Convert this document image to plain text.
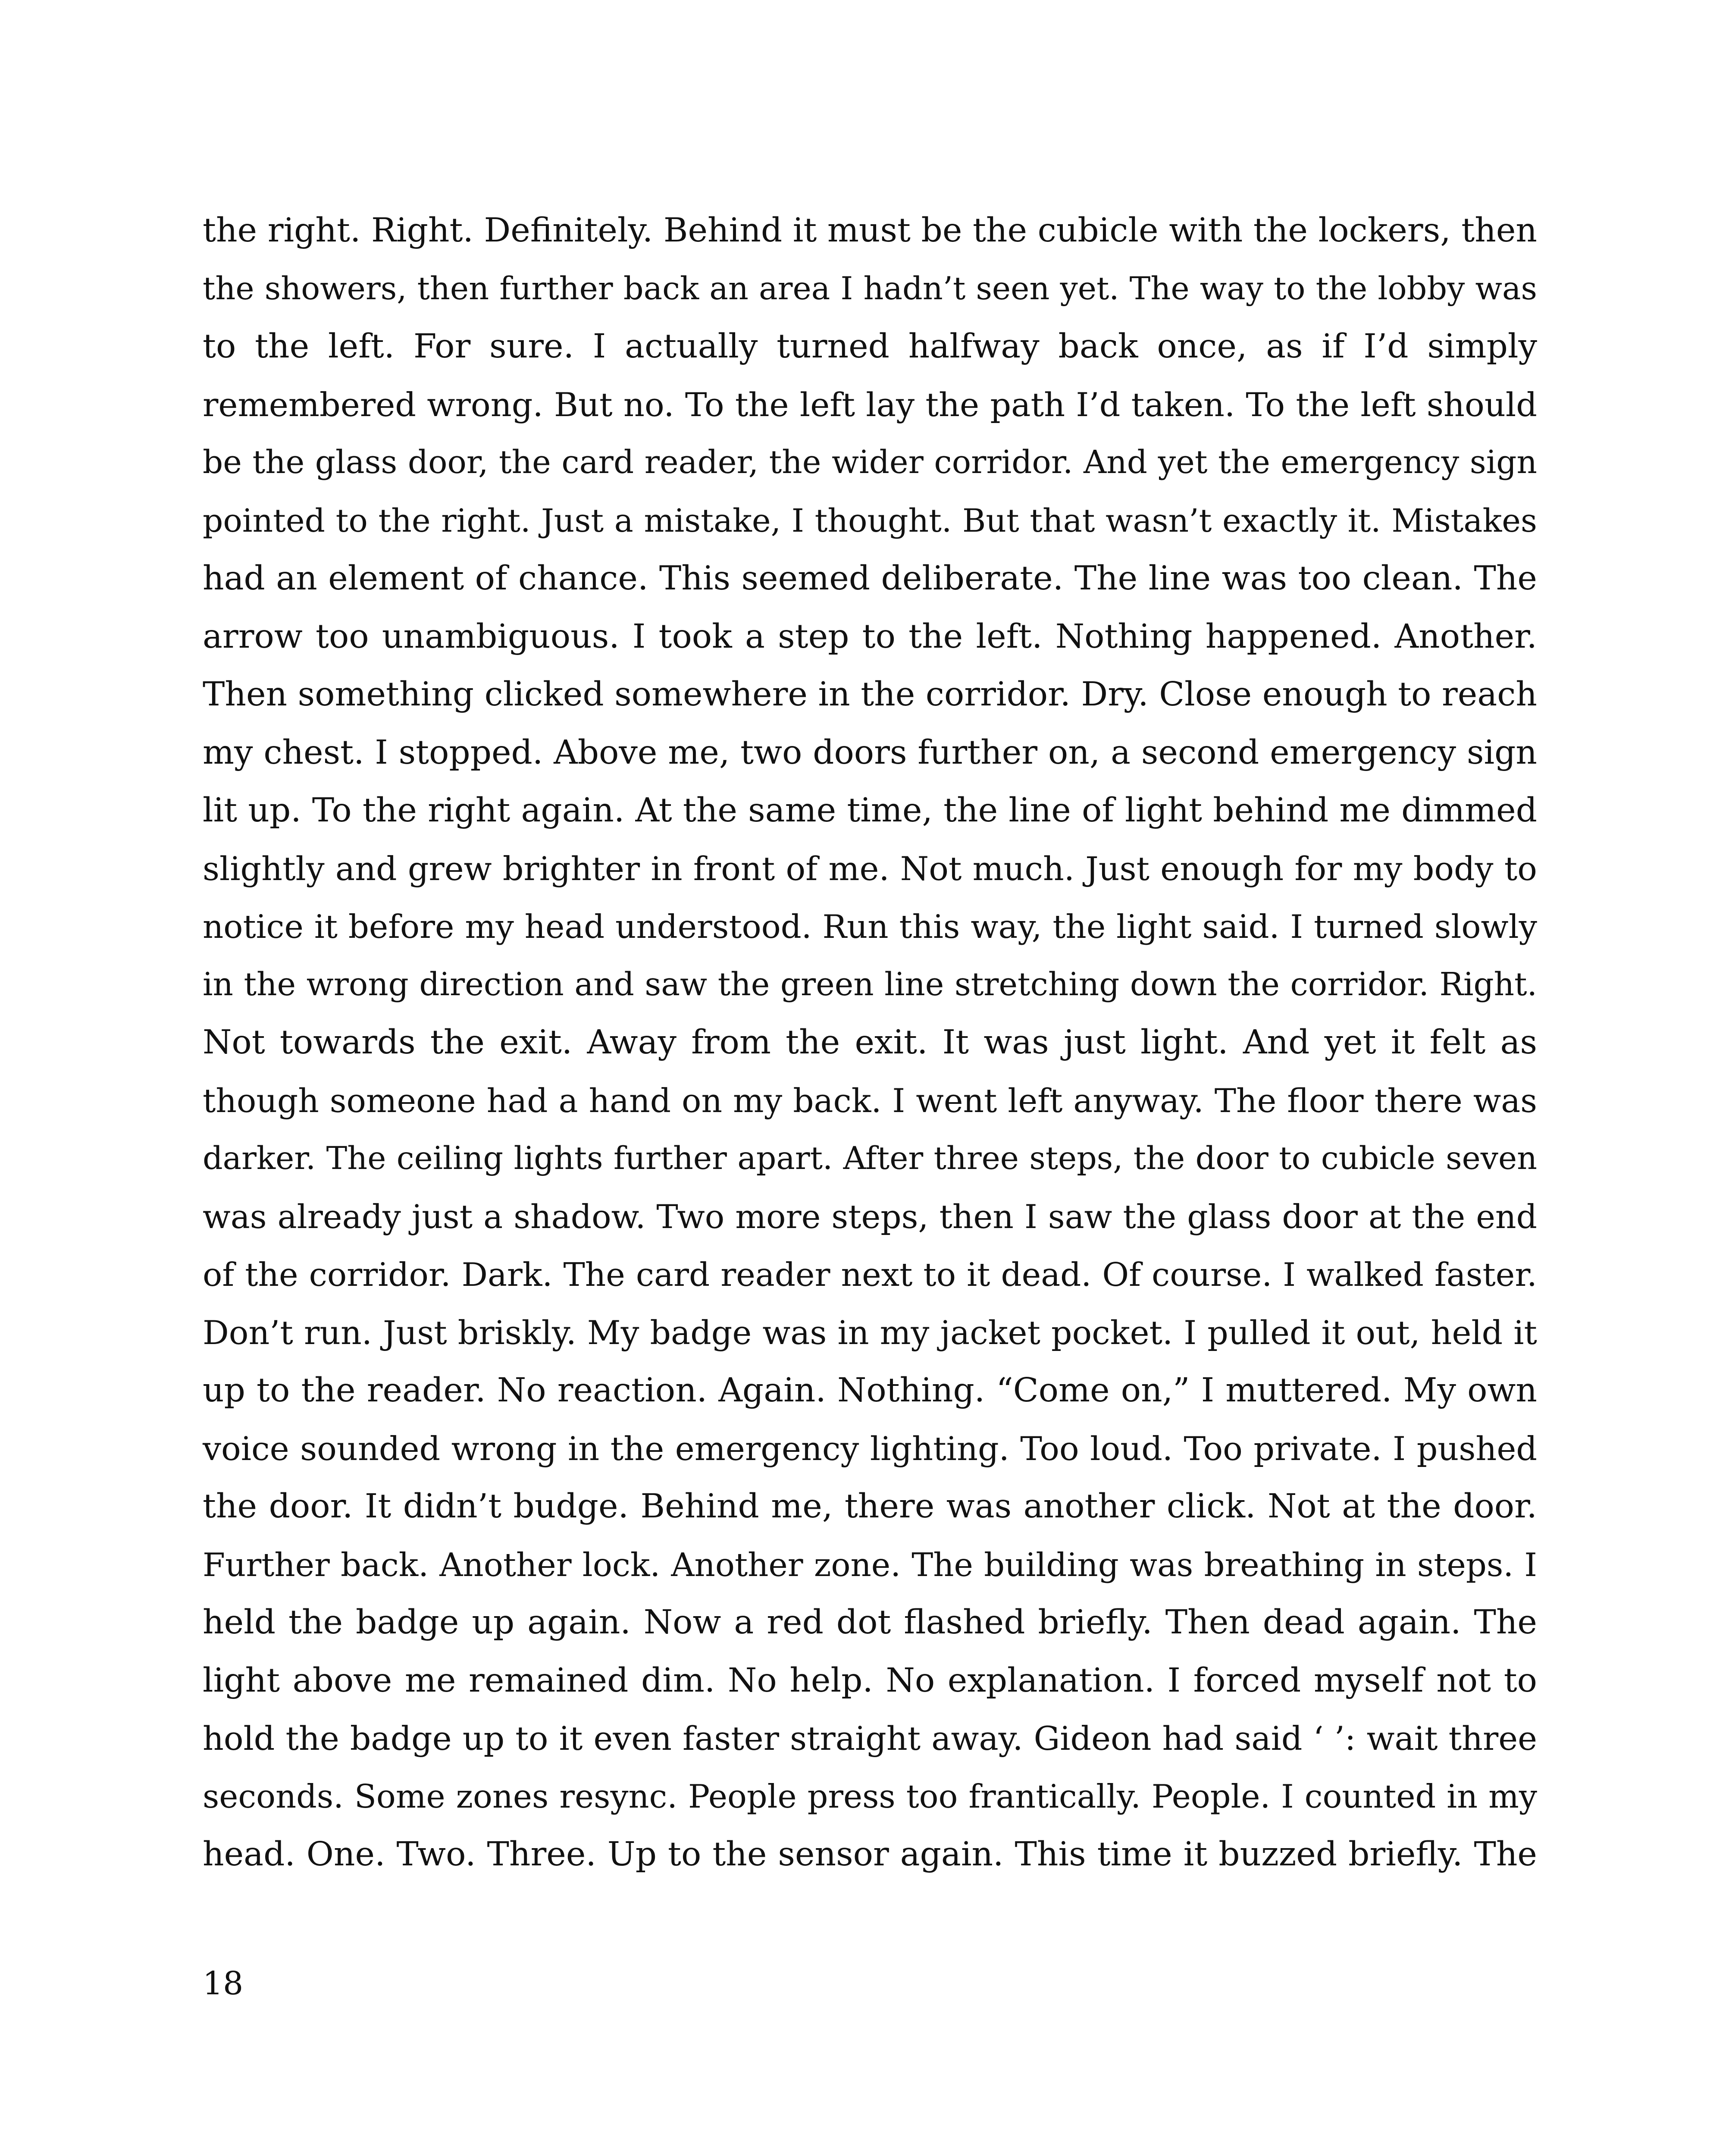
the right. Right. Definitely. Behind it must be the cubicle with the lockers, then
the showers, then further back an area I hadn’t seen yet. The way to the lobby was
to the left. For sure. I actually turned halfway back once, as if I’d simply
remembered wrong. But no. To the left lay the path I’d taken. To the left should
be the glass door, the card reader, the wider corridor. And yet the emergency sign
pointed to the right. Just a mistake, I thought. But that wasn’t exactly it. Mistakes
had an element of chance. This seemed deliberate. The line was too clean. The
arrow too unambiguous. I took a step to the left. Nothing happened. Another.
Then something clicked somewhere in the corridor. Dry. Close enough to reach
my chest. I stopped. Above me, two doors further on, a second emergency sign
lit up. To the right again. At the same time, the line of light behind me dimmed
slightly and grew brighter in front of me. Not much. Just enough for my body to
notice it before my head understood. Run this way, the light said. I turned slowly
in the wrong direction and saw the green line stretching down the corridor. Right.
Not towards the exit. Away from the exit. It was just light. And yet it felt as
though someone had a hand on my back. I went left anyway. The floor there was
darker. The ceiling lights further apart. After three steps, the door to cubicle seven
was already just a shadow. Two more steps, then I saw the glass door at the end
of the corridor. Dark. The card reader next to it dead. Of course. I walked faster.
Don’t run. Just briskly. My badge was in my jacket pocket. I pulled it out, held it
up to the reader. No reaction. Again. Nothing. “Come on,” I muttered. My own
voice sounded wrong in the emergency lighting. Too loud. Too private. I pushed
the door. It didn’t budge. Behind me, there was another click. Not at the door.
Further back. Another lock. Another zone. The building was breathing in steps. I
held the badge up again. Now a red dot flashed briefly. Then dead again. The
light above me remained dim. No help. No explanation. I forced myself not to
hold the badge up to it even faster straight away. Gideon had said ‘ ’: wait three
seconds. Some zones resync. People press too frantically. People. I counted in my
head. One. Two. Three. Up to the sensor again. This time it buzzed briefly. The
18
